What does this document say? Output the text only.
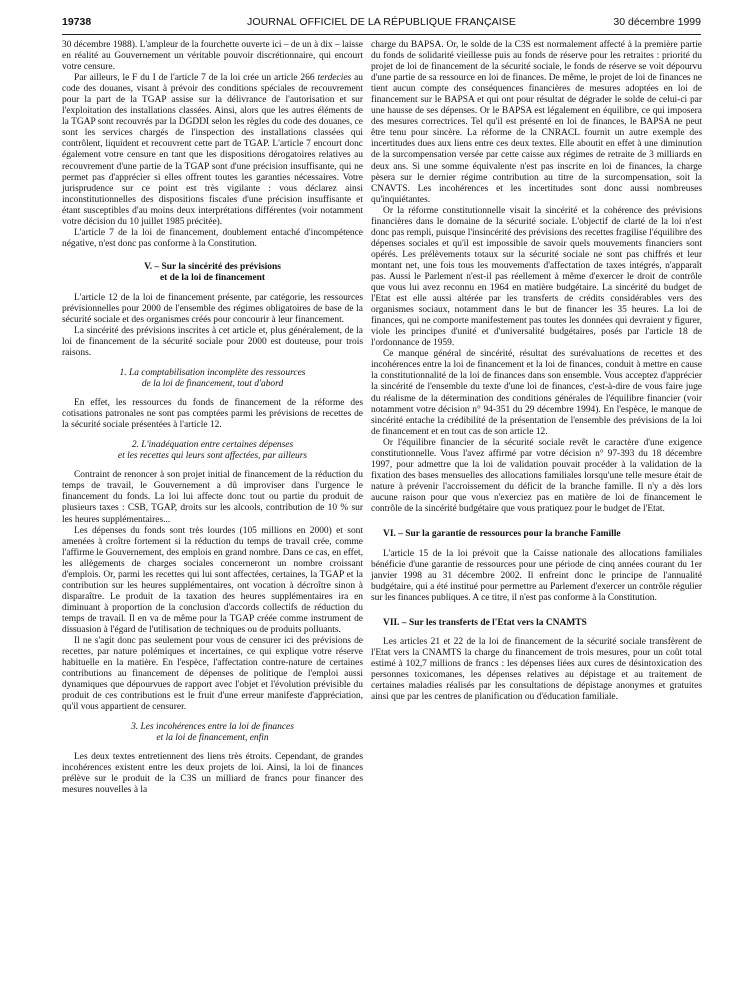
19738	JOURNAL OFFICIEL DE LA RÉPUBLIQUE FRANÇAISE	30 décembre 1999

30 décembre 1988). L'ampleur de la fourchette ouverte ici – de un à dix – laisse en réalité au Gouvernement un véritable pouvoir discrétionnaire, qui encourt votre censure.

Par ailleurs, le F du I de l'article 7 de la loi crée un article 266 terdecies au code des douanes, visant à prévoir des conditions spéciales de recouvrement pour la part de la TGAP assise sur la délivrance de l'autorisation et sur l'exploitation des installations classées. Ainsi, alors que les autres éléments de la TGAP sont recouvrés par la DGDDI selon les règles du code des douanes, ce sont les services chargés de l'inspection des installations classées qui contrôlent, liquident et recouvrent cette part de TGAP. L'article 7 encourt donc également votre censure en tant que les dispositions dérogatoires relatives au recouvrement d'une partie de la TGAP sont d'une précision insuffisante, qui ne permet pas d'apprécier si elles offrent toutes les garanties nécessaires. Votre jurisprudence sur ce point est très vigilante : vous déclarez ainsi inconstitutionnelles des dispositions fiscales d'une précision insuffisante et étant susceptibles d'au moins deux interprétations différentes (voir notamment votre décision du 10 juillet 1985 précitée).

L'article 7 de la loi de financement, doublement entaché d'incompétence négative, n'est donc pas conforme à la Constitution.

V. – Sur la sincérité des prévisions
et de la loi de financement

L'article 12 de la loi de financement présente, par catégorie, les ressources prévisionnelles pour 2000 de l'ensemble des régimes obligatoires de base de la sécurité sociale et des organismes créés pour concourir à leur financement.

La sincérité des prévisions inscrites à cet article et, plus généralement, de la loi de financement de la sécurité sociale pour 2000 est douteuse, pour trois raisons.

1. La comptabilisation incomplète des ressources
de la loi de financement, tout d'abord

En effet, les ressources du fonds de financement de la réforme des cotisations patronales ne sont pas comptées parmi les prévisions de recettes de la sécurité sociale présentées à l'article 12.

2. L'inadéquation entre certaines dépenses
et les recettes qui leurs sont affectées, par ailleurs

Contraint de renoncer à son projet initial de financement de la réduction du temps de travail, le Gouvernement a dû improviser dans l'urgence le financement du fonds. La loi lui affecte donc tout ou partie du produit de plusieurs taxes : CSB, TGAP, droits sur les alcools, contribution de 10 % sur les heures supplémentaires...

Les dépenses du fonds sont très lourdes (105 millions en 2000) et sont amenées à croître fortement si la réduction du temps de travail crée, comme l'affirme le Gouvernement, des emplois en grand nombre. Dans ce cas, en effet, les allègements de charges sociales concerneront un nombre croissant d'emplois. Or, parmi les recettes qui lui sont affectées, certaines, la TGAP et la contribution sur les heures supplémentaires, ont vocation à décroître sinon à disparaître. Le produit de la taxation des heures supplémentaires ira en diminuant à proportion de la conclusion d'accords collectifs de réduction du temps de travail. Il en va de même pour la TGAP créée comme instrument de dissuasion à l'égard de l'utilisation de techniques ou de produits polluants.

Il ne s'agit donc pas seulement pour vous de censurer ici des prévisions de recettes, par nature polémiques et incertaines, ce qui explique votre réserve habituelle en la matière. En l'espèce, l'affectation contre-nature de certaines contributions au financement de dépenses de politique de l'emploi aussi dynamiques que dépourvues de rapport avec l'objet et l'évolution prévisible du produit de ces contributions est le fruit d'une erreur manifeste d'appréciation, qu'il vous appartient de censurer.

3. Les incohérences entre la loi de finances
et la loi de financement, enfin

Les deux textes entretiennent des liens très étroits. Cependant, de grandes incohérences existent entre les deux projets de loi. Ainsi, la loi de finances prélève sur le produit de la C3S un milliard de francs pour financer des mesures nouvelles à la

charge du BAPSA. Or, le solde de la C3S est normalement affecté à la première partie du fonds de solidarité vieillesse puis au fonds de réserve pour les retraites : priorité du projet de loi de financement de la sécurité sociale, le fonds de réserve se voit dépourvu d'une partie de sa ressource en loi de finances. De même, le projet de loi de finances ne tient aucun compte des conséquences financières de mesures adoptées en loi de financement sur le BAPSA et qui ont pour résultat de dégrader le solde de celui-ci par une hausse de ses dépenses. Or le BAPSA est légalement en équilibre, ce qui imposera des mesures correctrices. Tel qu'il est présenté en loi de finances, le BAPSA ne peut être tenu pour sincère. La réforme de la CNRACL fournit un autre exemple des incertitudes dues aux liens entre ces deux textes. Elle aboutit en effet à une diminution de la surcompensation versée par cette caisse aux régimes de retraite de 3 milliards en deux ans. Si une somme équivalente n'est pas inscrite en loi de finances, la charge pèsera sur le dernier régime contribution au titre de la surcompensation, soit la CNAVTS. Les incohérences et les incertitudes sont donc aussi nombreuses qu'inquiétantes.

Or la réforme constitutionnelle visait la sincérité et la cohérence des prévisions financières dans le domaine de la sécurité sociale. L'objectif de clarté de la loi n'est donc pas rempli, puisque l'insincérité des prévisions des recettes fragilise l'équilibre des dépenses sociales et qu'il est impossible de savoir quels mouvements financiers sont opérés. Les prélèvements totaux sur la sécurité sociale ne sont pas chiffrés et leur montant net, une fois tous les mouvements d'affectation de taxes intégrés, n'apparaît pas. Aussi le Parlement n'est-il pas réellement à même d'exercer le droit de contrôle que vous lui avez reconnu en 1964 en matière budgétaire. La sincérité du budget de l'Etat est elle aussi altérée par les transferts de crédits considérables vers des organismes sociaux, notamment dans le but de financer les 35 heures. La loi de finances, qui ne comporte manifestement pas toutes les données qui devraient y figurer, viole les principes d'unité et d'universalité budgétaires, posés par l'article 18 de l'ordonnance de 1959.

Ce manque général de sincérité, résultat des surévaluations de recettes et des incohérences entre la loi de financement et la loi de finances, conduit à mettre en cause la constitutionnalité de la loi de finances dans son ensemble. Vous acceptez d'apprécier la sincérité de l'ensemble du texte d'une loi de finances, c'est-à-dire de vous faire juge du réalisme de la détermination des conditions générales de l'équilibre financier (voir notamment votre décision n° 94-351 du 29 décembre 1994). En l'espèce, le manque de sincérité entache la crédibilité de la présentation de l'ensemble des prévisions de la loi de financement et en tout cas de son article 12.

Or l'équilibre financier de la sécurité sociale revêt le caractère d'une exigence constitutionnelle. Vous l'avez affirmé par votre décision n° 97-393 du 18 décembre 1997, pour admettre que la loi de validation pouvait procéder à la validation de la fixation des bases mensuelles des allocations familiales lorsqu'une telle mesure était de nature à prévenir l'accroissement du déficit de la branche famille. Il n'y a dès lors aucune raison pour que vous n'exerciez pas en matière de loi de financement le contrôle de la sincérité budgétaire que vous pratiquez pour le budget de l'Etat.

VI. – Sur la garantie de ressources pour la branche Famille

L'article 15 de la loi prévoit que la Caisse nationale des allocations familiales bénéficie d'une garantie de ressources pour une période de cinq années courant du 1er janvier 1998 au 31 décembre 2002. Il enfreint donc le principe de l'annualité budgétaire, qui a été institué pour permettre au Parlement d'exercer un contrôle régulier sur les finances publiques. A ce titre, il n'est pas conforme à la Constitution.

VII. – Sur les transferts de l'Etat vers la CNAMTS

Les articles 21 et 22 de la loi de financement de la sécurité sociale transfèrent de l'Etat vers la CNAMTS la charge du financement de trois mesures, pour un coût total estimé à 102,7 millions de francs : les dépenses liées aux cures de désintoxication des personnes toxicomanes, les dépenses relatives au dépistage et au traitement de certaines maladies réalisés par les consultations de dépistage anonymes et gratuites ainsi que par les centres de planification ou d'éducation familiale.
